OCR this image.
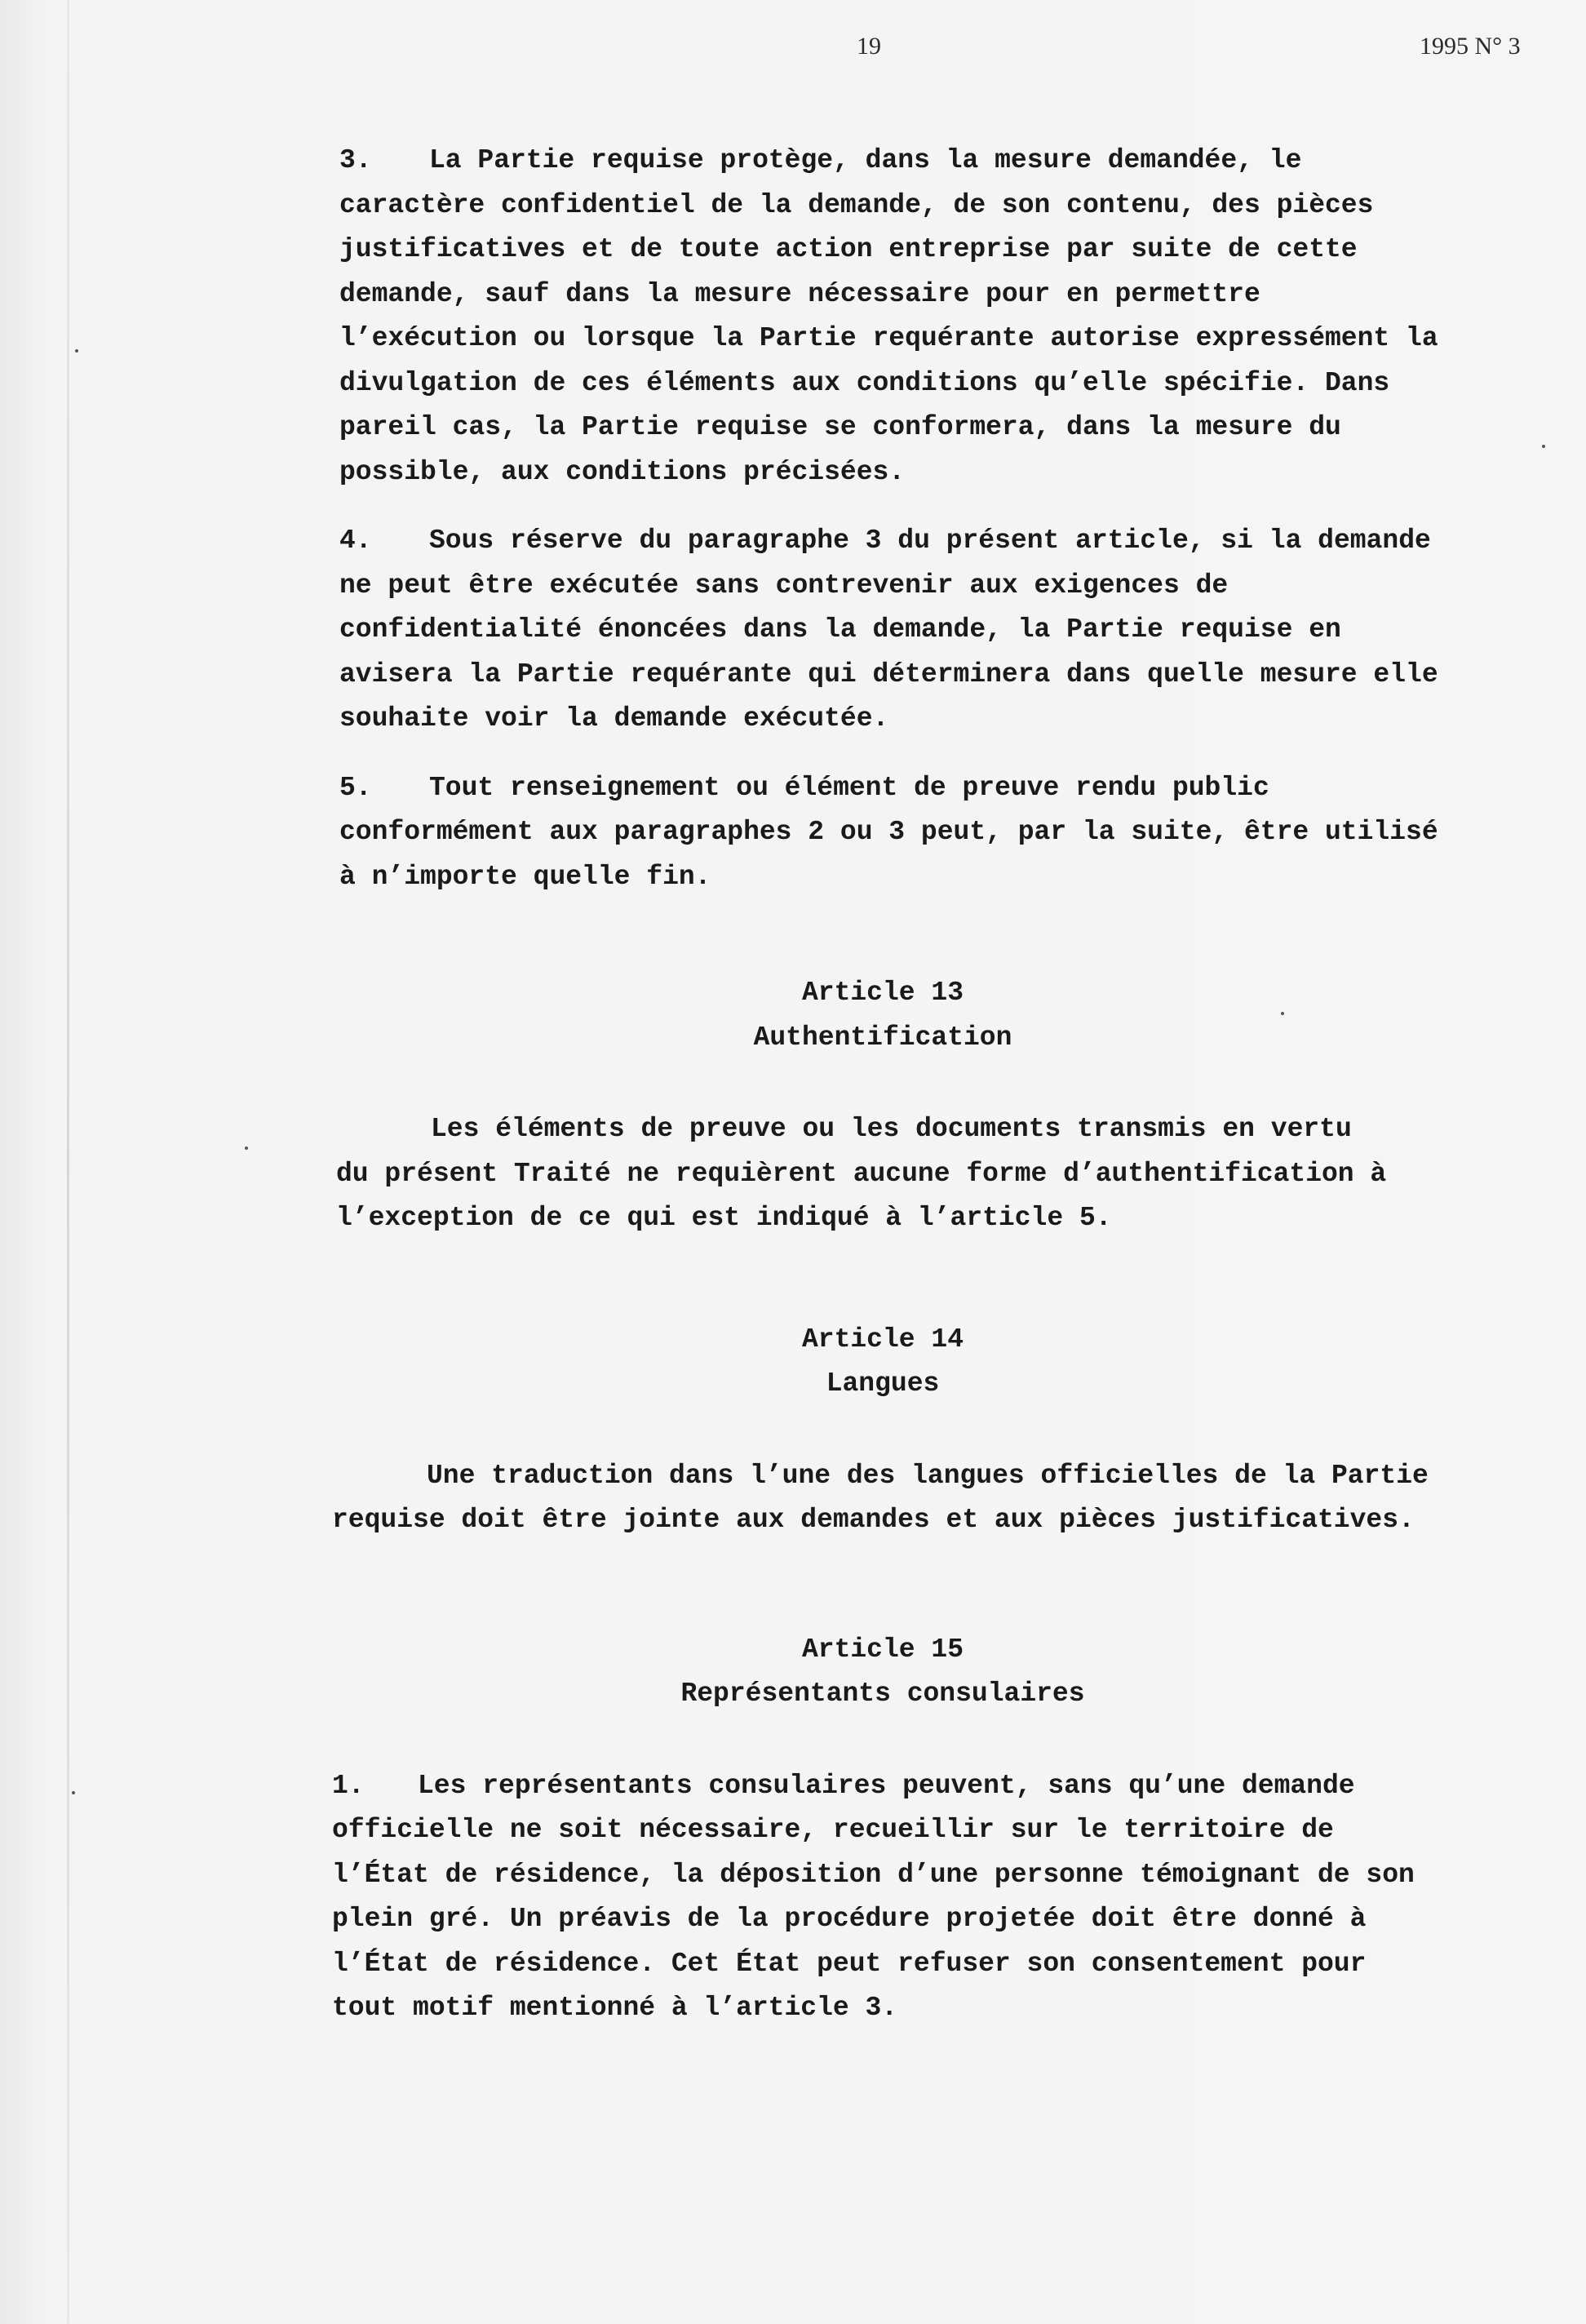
19	1995 N° 3

3. La Partie requise protège, dans la mesure demandée, le caractère confidentiel de la demande, de son contenu, des pièces justificatives et de toute action entreprise par suite de cette demande, sauf dans la mesure nécessaire pour en permettre l’exécution ou lorsque la Partie requérante autorise expressément la divulgation de ces éléments aux conditions qu’elle spécifie. Dans pareil cas, la Partie requise se conformera, dans la mesure du possible, aux conditions précisées.

4. Sous réserve du paragraphe 3 du présent article, si la demande ne peut être exécutée sans contrevenir aux exigences de confidentialité énoncées dans la demande, la Partie requise en avisera la Partie requérante qui déterminera dans quelle mesure elle souhaite voir la demande exécutée.

5. Tout renseignement ou élément de preuve rendu public conformément aux paragraphes 2 ou 3 peut, par la suite, être utilisé à n’importe quelle fin.

Article 13

Authentification

Les éléments de preuve ou les documents transmis en vertu du présent Traité ne requièrent aucune forme d’authentification à l’exception de ce qui est indiqué à l’article 5.

Article 14

Langues

Une traduction dans l’une des langues officielles de la Partie requise doit être jointe aux demandes et aux pièces justificatives.

Article 15

Représentants consulaires

1. Les représentants consulaires peuvent, sans qu’une demande officielle ne soit nécessaire, recueillir sur le territoire de l’État de résidence, la déposition d’une personne témoignant de son plein gré. Un préavis de la procédure projetée doit être donné à l’État de résidence. Cet État peut refuser son consentement pour tout motif mentionné à l’article 3.
